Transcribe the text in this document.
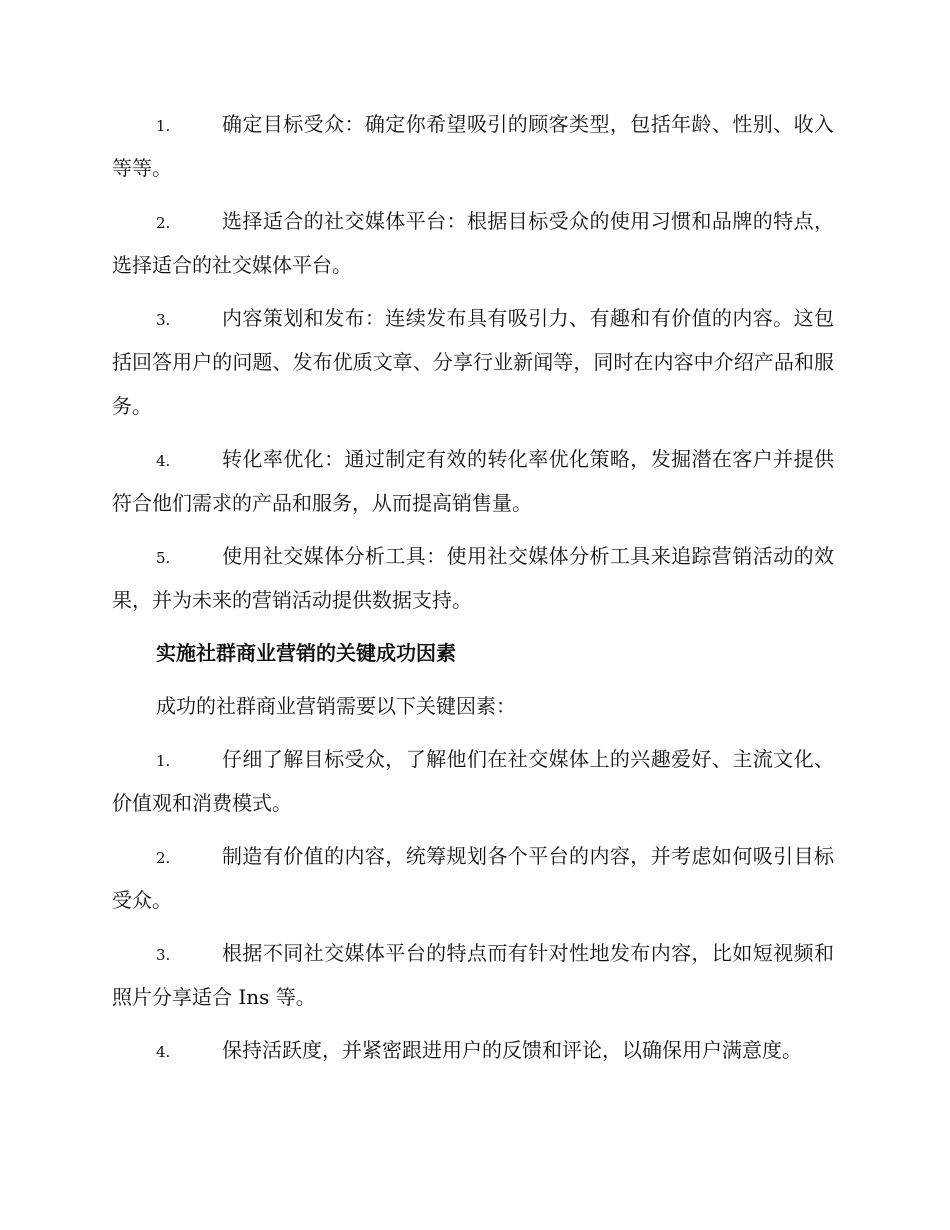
1.	确定目标受众：确定你希望吸引的顾客类型，包括年龄、性别、收入等等。

2.	选择适合的社交媒体平台：根据目标受众的使用习惯和品牌的特点，选择适合的社交媒体平台。

3.	内容策划和发布：连续发布具有吸引力、有趣和有价值的内容。这包括回答用户的问题、发布优质文章、分享行业新闻等，同时在内容中介绍产品和服务。

4.	转化率优化：通过制定有效的转化率优化策略，发掘潜在客户并提供符合他们需求的产品和服务，从而提高销售量。

5.	使用社交媒体分析工具：使用社交媒体分析工具来追踪营销活动的效果，并为未来的营销活动提供数据支持。

实施社群商业营销的关键成功因素

成功的社群商业营销需要以下关键因素：

1.	仔细了解目标受众，了解他们在社交媒体上的兴趣爱好、主流文化、价值观和消费模式。

2.	制造有价值的内容，统筹规划各个平台的内容，并考虑如何吸引目标受众。

3.	根据不同社交媒体平台的特点而有针对性地发布内容，比如短视频和照片分享适合 Ins 等。

4.	保持活跃度，并紧密跟进用户的反馈和评论，以确保用户满意度。
